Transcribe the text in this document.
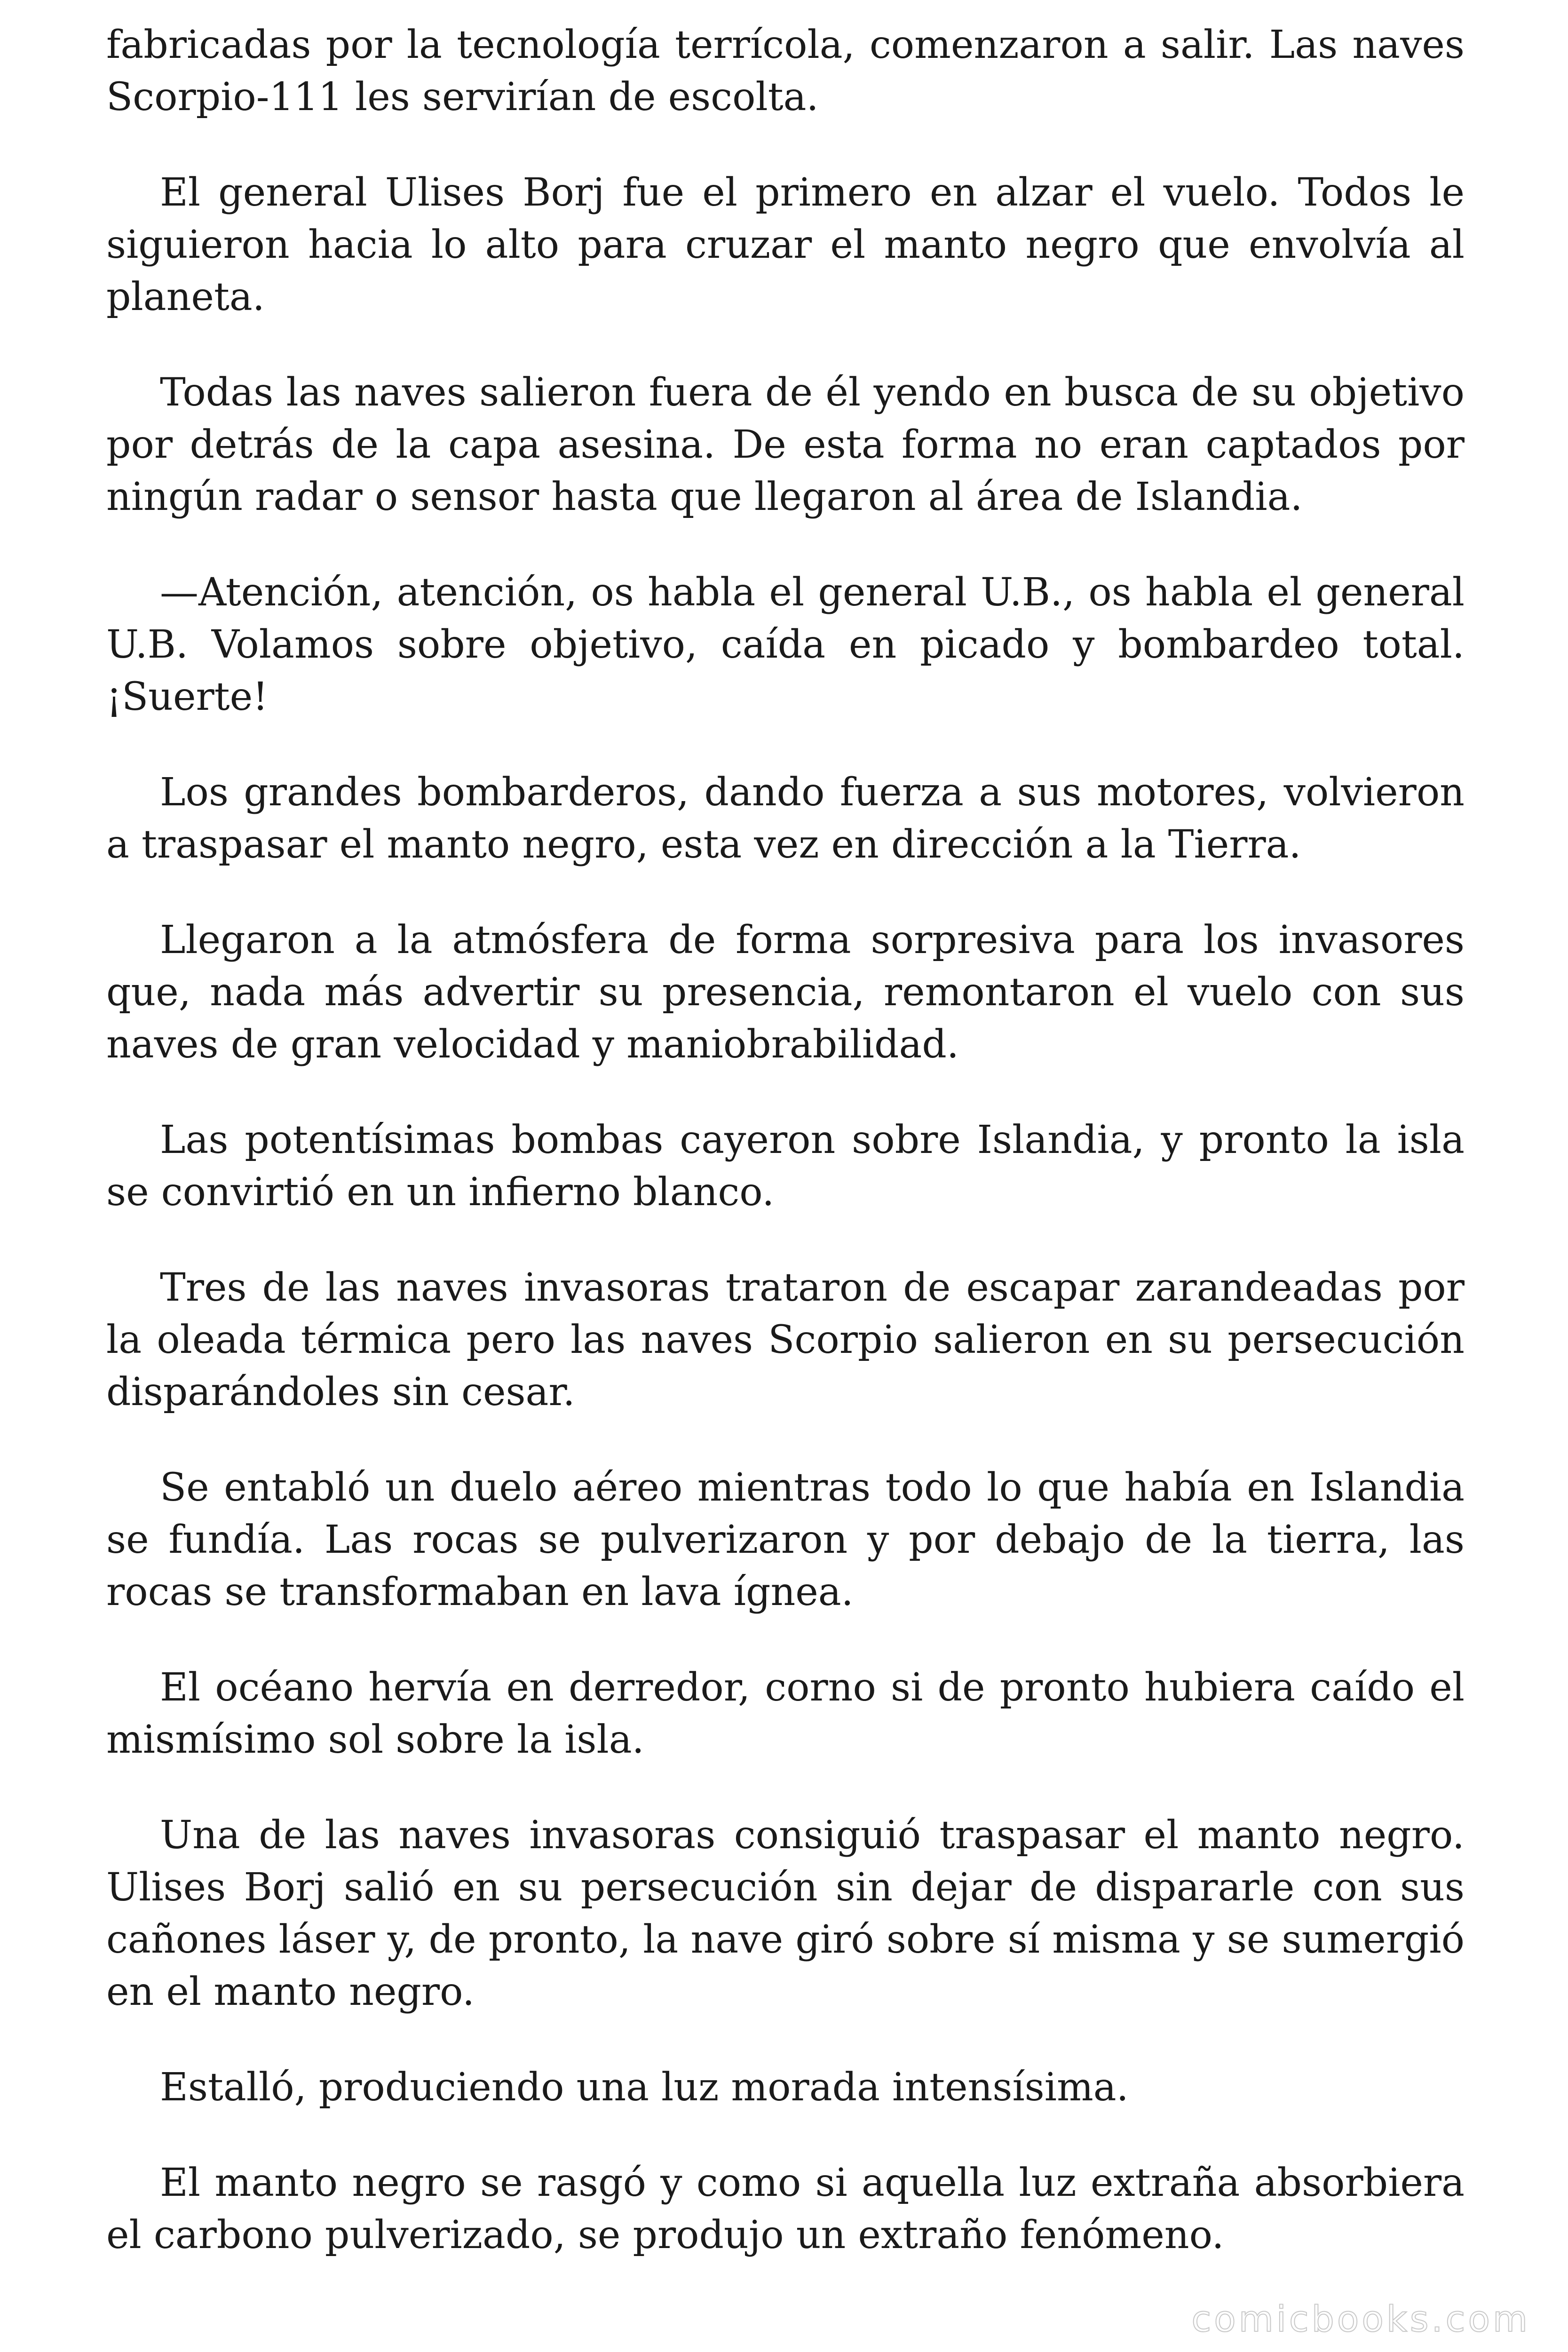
fabricadas por la tecnología terrícola, comenzaron a salir. Las naves Scorpio-111 les servirían de escolta.

El general Ulises Borj fue el primero en alzar el vuelo. Todos le siguieron hacia lo alto para cruzar el manto negro que envolvía al planeta.

Todas las naves salieron fuera de él yendo en busca de su objetivo por detrás de la capa asesina. De esta forma no eran captados por ningún radar o sensor hasta que llegaron al área de Islandia.

—Atención, atención, os habla el general U.B., os habla el general U.B. Volamos sobre objetivo, caída en picado y bombardeo total. ¡Suerte!

Los grandes bombarderos, dando fuerza a sus motores, volvieron a traspasar el manto negro, esta vez en dirección a la Tierra.

Llegaron a la atmósfera de forma sorpresiva para los invasores que, nada más advertir su presencia, remontaron el vuelo con sus naves de gran velocidad y maniobrabilidad.

Las potentísimas bombas cayeron sobre Islandia, y pronto la isla se convirtió en un infierno blanco.

Tres de las naves invasoras trataron de escapar zarandeadas por la oleada térmica pero las naves Scorpio salieron en su persecución disparándoles sin cesar.

Se entabló un duelo aéreo mientras todo lo que había en Islandia se fundía. Las rocas se pulverizaron y por debajo de la tierra, las rocas se transformaban en lava ígnea.

El océano hervía en derredor, corno si de pronto hubiera caído el mismísimo sol sobre la isla.

Una de las naves invasoras consiguió traspasar el manto negro. Ulises Borj salió en su persecución sin dejar de dispararle con sus cañones láser y, de pronto, la nave giró sobre sí misma y se sumergió en el manto negro.

Estalló, produciendo una luz morada intensísima.

El manto negro se rasgó y como si aquella luz extraña absorbiera el carbono pulverizado, se produjo un extraño fenómeno.

comicbooks.com
